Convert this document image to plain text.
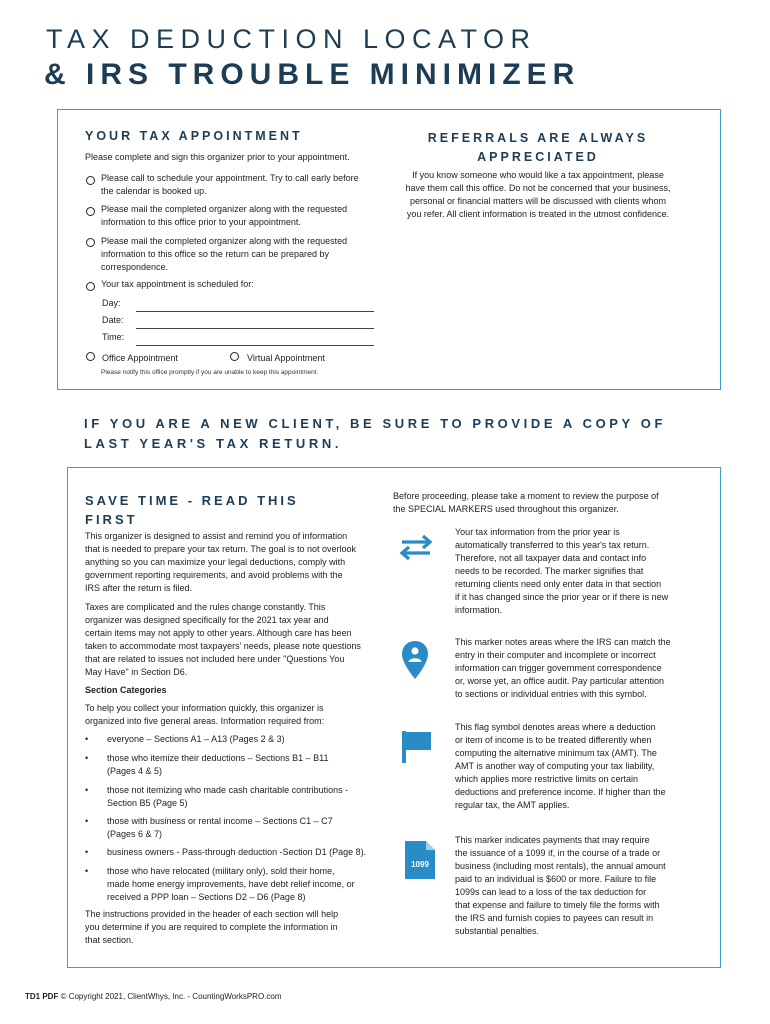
TAX DEDUCTION LOCATOR
& IRS TROUBLE MINIMIZER
YOUR TAX APPOINTMENT
Please complete and sign this organizer prior to your appointment.
Please call to schedule your appointment. Try to call early before
the calendar is booked up.
Please mail the completed organizer along with the requested
information to this office prior to your appointment.
Please mail the completed organizer along with the requested
information to this office so the return can be prepared by
correspondence.
Your tax appointment is scheduled for:
Day:
Date:
Time:
Office Appointment	Virtual Appointment
Please notify this office promptly if you are unable to keep this appointment.
REFERRALS ARE ALWAYS
APPRECIATED
If you know someone who would like a tax appointment, please
have them call this office. Do not be concerned that your business,
personal or financial matters will be discussed with clients whom
you refer. All client information is treated in the utmost confidence.
IF YOU ARE A NEW CLIENT, BE SURE TO PROVIDE A COPY OF
LAST YEAR'S TAX RETURN.
SAVE TIME - READ THIS
FIRST
This organizer is designed to assist and remind you of information
that is needed to prepare your tax return. The goal is to not overlook
anything so you can maximize your legal deductions, comply with
government reporting requirements, and avoid problems with the
IRS after the return is filed.
Taxes are complicated and the rules change constantly. This
organizer was designed specifically for the 2021 tax year and
certain items may not apply to other years. Although care has been
taken to accommodate most taxpayers' needs, please note questions
that are related to issues not included here under "Questions You
May Have" in Section D6.
Section Categories
To help you collect your information quickly, this organizer is
organized into five general areas. Information required from:
• everyone – Sections A1 – A13 (Pages 2 & 3)
• those who itemize their deductions – Sections B1 – B11
(Pages 4 & 5)
• those not itemizing who made cash charitable contributions -
Section B5 (Page 5)
• those with business or rental income – Sections C1 – C7
(Pages 6 & 7)
• business owners - Pass-through deduction -Section D1 (Page 8).
• those who have relocated (military only), sold their home,
made home energy improvements, have debt relief income, or
received a PPP loan – Sections D2 – D6 (Page 8)
The instructions provided in the header of each section will help
you determine if you are required to complete the information in
that section.
Before proceeding, please take a moment to review the purpose of
the SPECIAL MARKERS used throughout this organizer.
Your tax information from the prior year is
automatically transferred to this year's tax return.
Therefore, not all taxpayer data and contact info
needs to be recorded. The marker signifies that
returning clients need only enter data in that section
if it has changed since the prior year or if there is new
information.
This marker notes areas where the IRS can match the
entry in their computer and incomplete or incorrect
information can trigger government correspondence
or, worse yet, an office audit. Pay particular attention
to sections or individual entries with this symbol.
This flag symbol denotes areas where a deduction
or item of income is to be treated differently when
computing the alternative minimum tax (AMT). The
AMT is another way of computing your tax liability,
which applies more restrictive limits on certain
deductions and preference income. If higher than the
regular tax, the AMT applies.
1099
This marker indicates payments that may require
the issuance of a 1099 if, in the course of a trade or
business (including most rentals), the annual amount
paid to an individual is $600 or more. Failure to file
1099s can lead to a loss of the tax deduction for
that expense and failure to timely file the forms with
the IRS and furnish copies to payees can result in
substantial penalties.
TD1 PDF © Copyright 2021, ClientWhys, Inc. - CountingWorksPRO.com
